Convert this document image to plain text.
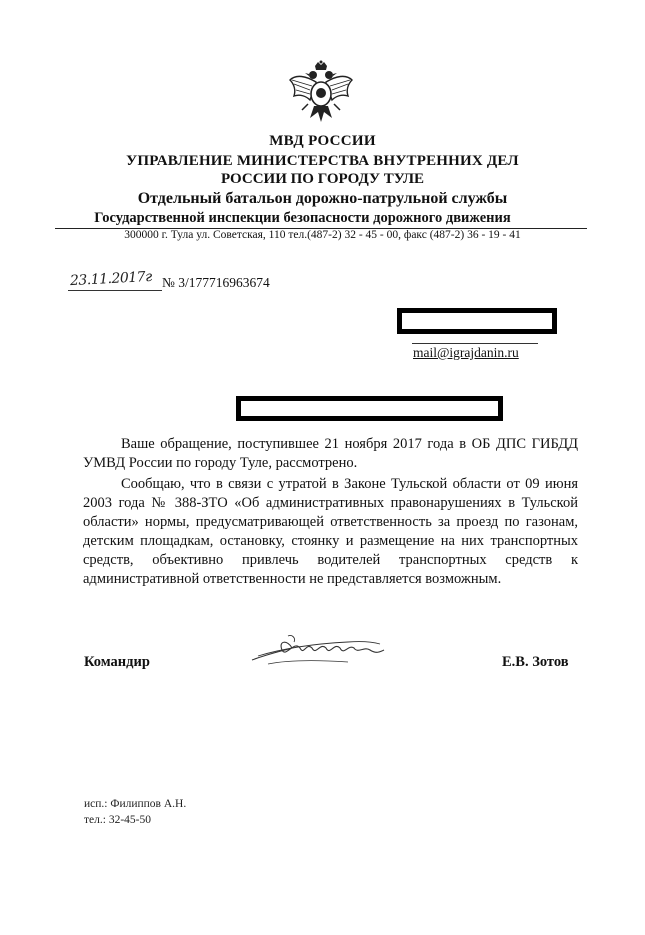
МВД РОССИИ
УПРАВЛЕНИЕ МИНИСТЕРСТВА ВНУТРЕННИХ ДЕЛ
РОССИИ ПО ГОРОДУ ТУЛЕ
Отдельный батальон дорожно-патрульной службы
Государственной инспекции безопасности дорожного движения
300000 г. Тула ул. Советская, 110 тел.(487-2) 32 - 45 - 00, факс (487-2) 36 - 19 - 41
23.11.2017г № 3/177716963674
mail@igrajdanin.ru

Ваше обращение, поступившее 21 ноября 2017 года в ОБ ДПС ГИБДД УМВД России по городу Туле, рассмотрено.

Сообщаю, что в связи с утратой в Законе Тульской области от 09 июня 2003 года № 388-ЗТО «Об административных правонарушениях в Тульской области» нормы, предусматривающей ответственность за проезд по газонам, детским площадкам, остановку, стоянку и размещение на них транспортных средств, объективно привлечь водителей транспортных средств к административной ответственности не представляется возможным.

Командир	Е.В. Зотов
исп.: Филиппов А.Н.
тел.: 32-45-50
